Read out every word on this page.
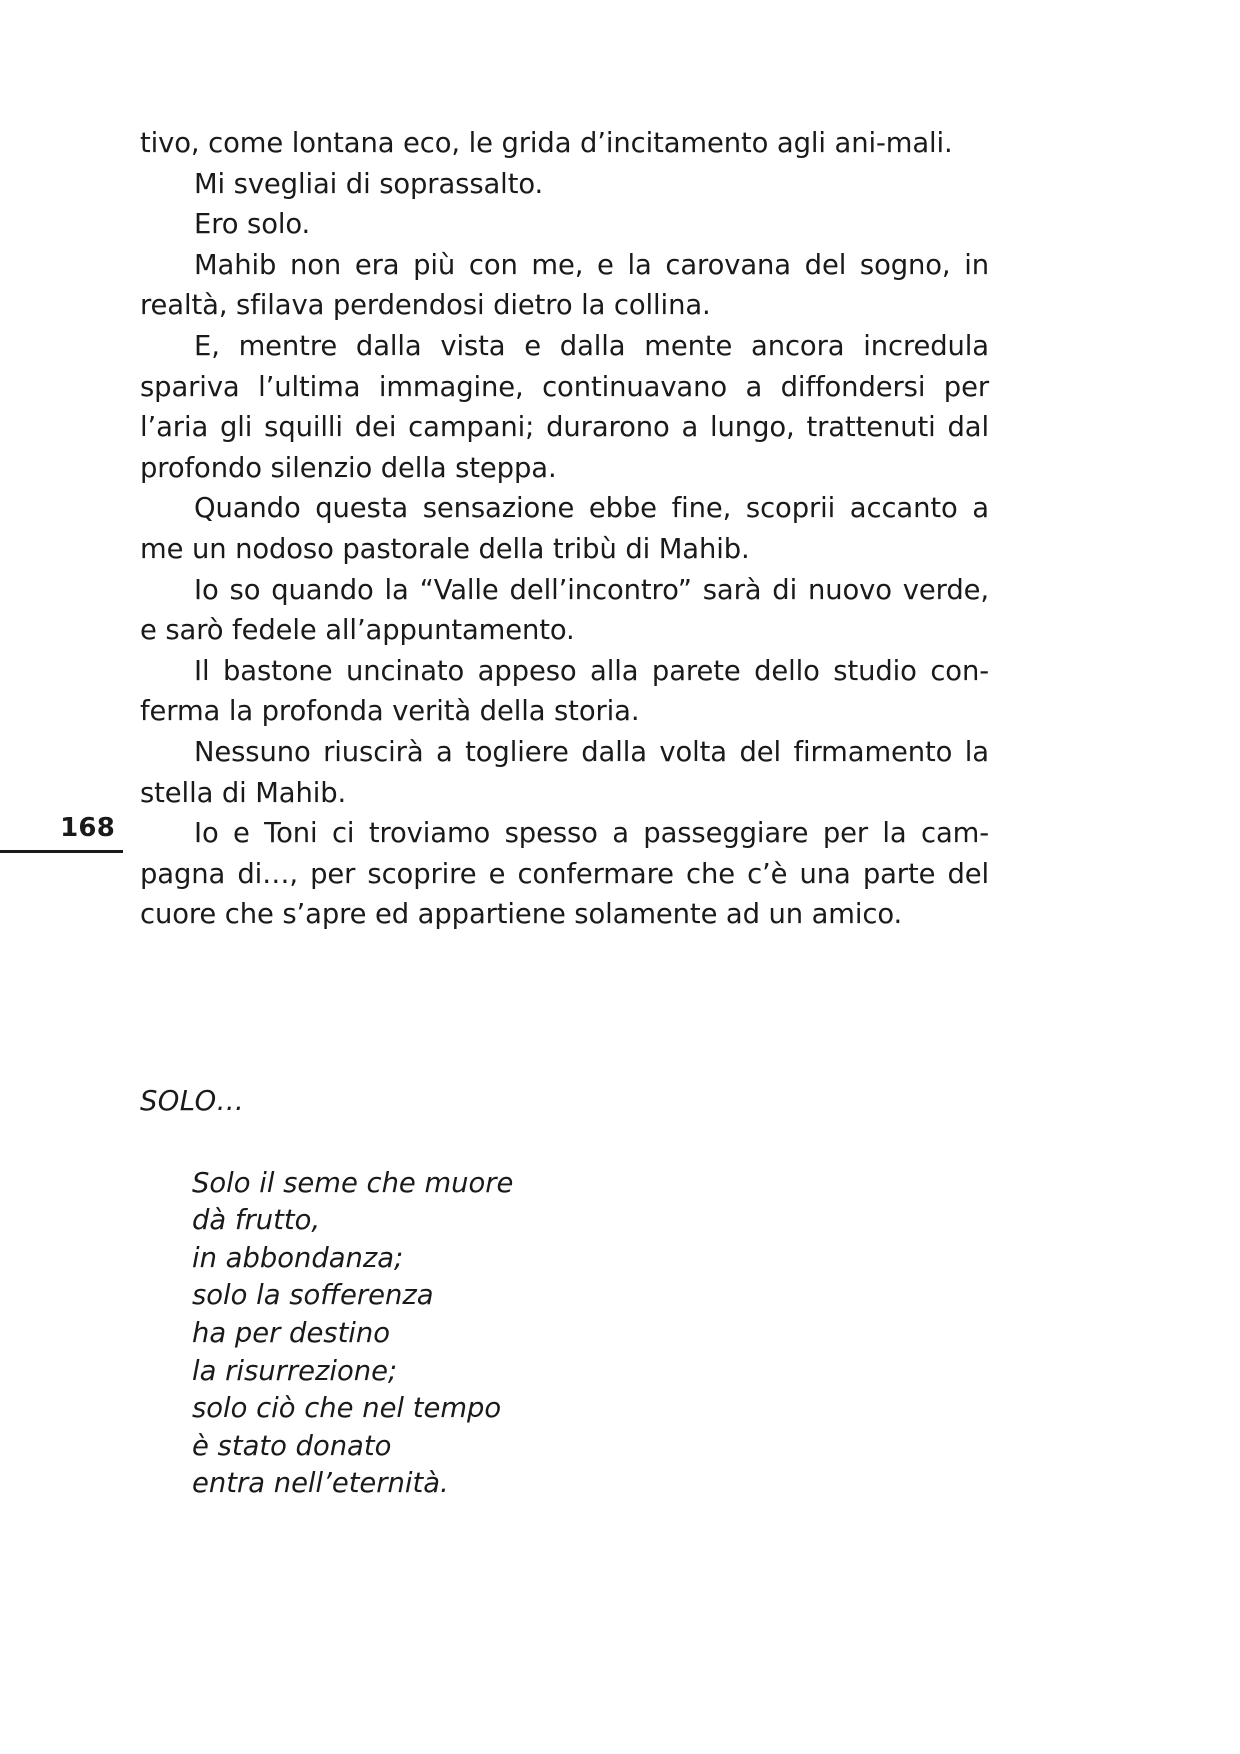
168

tivo, come lontana eco, le grida d’incitamento agli ani-mali.

Mi svegliai di soprassalto.

Ero solo.

Mahib non era più con me, e la carovana del sogno, in realtà, sfilava perdendosi dietro la collina.

E, mentre dalla vista e dalla mente ancora incredula spariva l’ultima immagine, continuavano a diffondersi per l’aria gli squilli dei campani; durarono a lungo, trattenuti dal profondo silenzio della steppa.

Quando questa sensazione ebbe fine, scoprii accanto a me un nodoso pastorale della tribù di Mahib.

Io so quando la “Valle dell’incontro” sarà di nuovo verde, e sarò fedele all’appuntamento.

Il bastone uncinato appeso alla parete dello studio con-ferma la profonda verità della storia.

Nessuno riuscirà a togliere dalla volta del firmamento la stella di Mahib.

Io e Toni ci troviamo spesso a passeggiare per la cam-pagna di…, per scoprire e confermare che c’è una parte del cuore che s’apre ed appartiene solamente ad un amico.

SOLO…

Solo il seme che muore
dà frutto,
in abbondanza;
solo la sofferenza
ha per destino
la risurrezione;
solo ciò che nel tempo
è stato donato
entra nell’eternità.
